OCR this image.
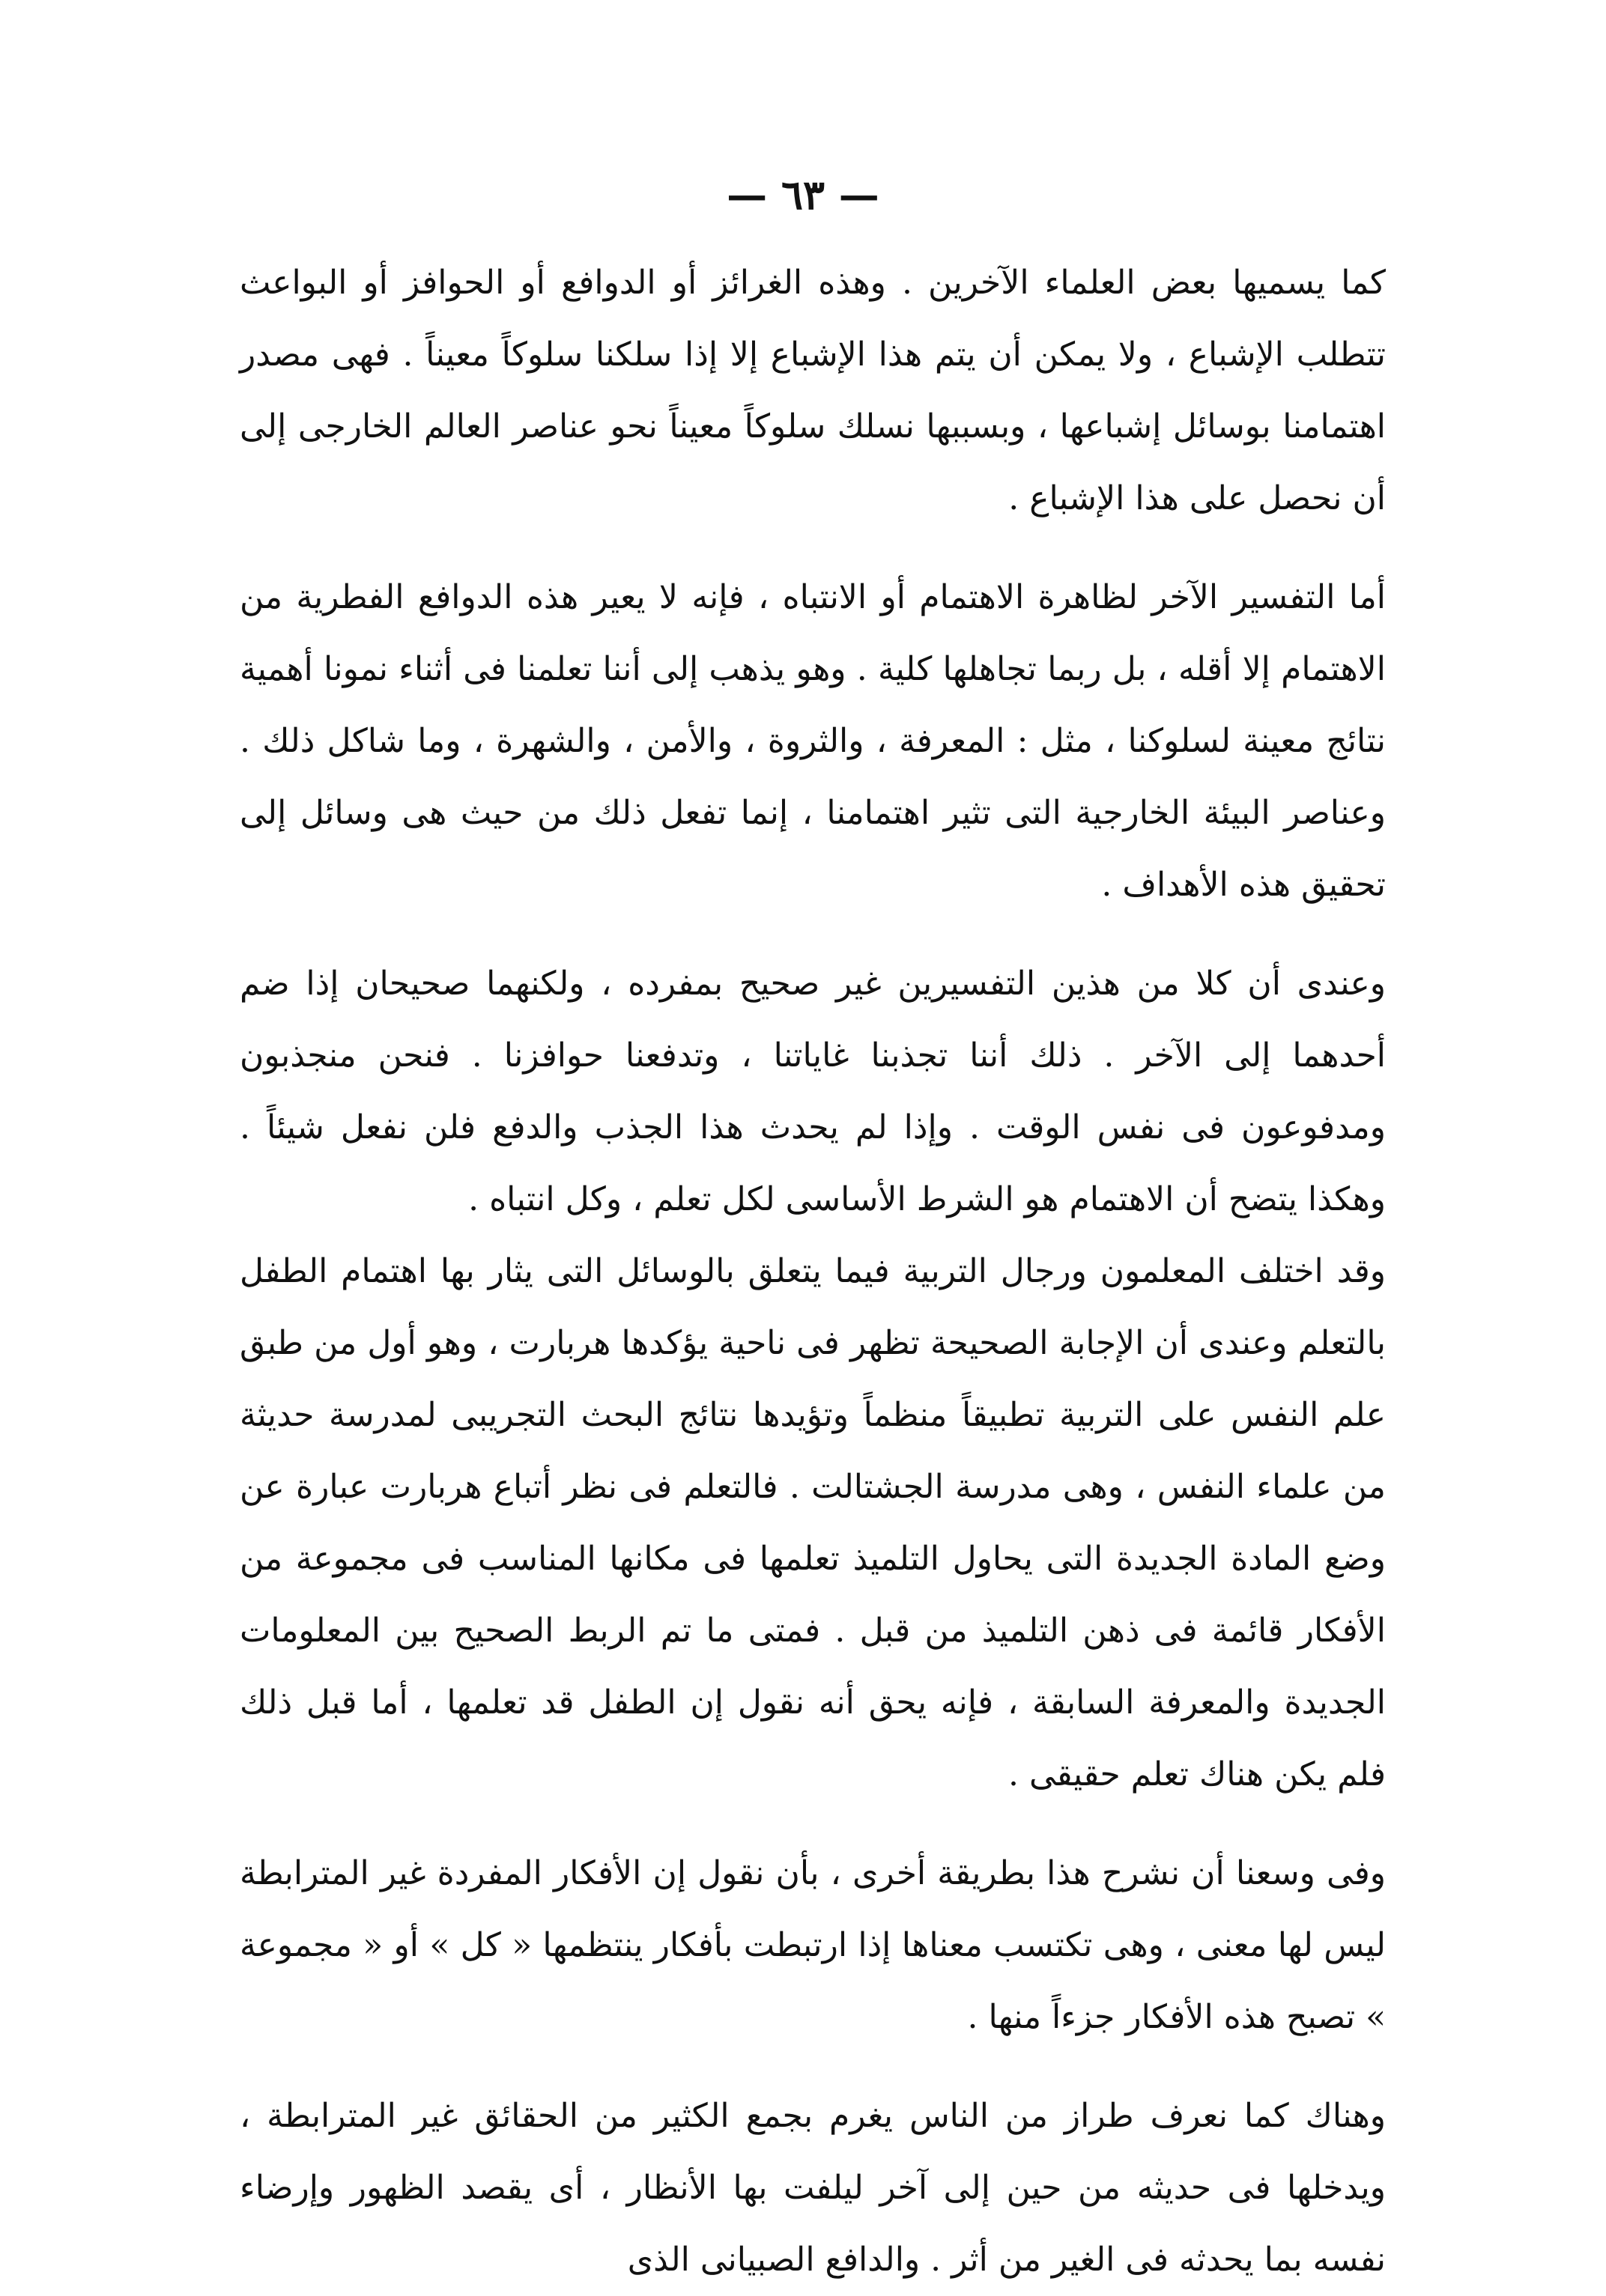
— ٦٣ —

كما يسميها بعض العلماء الآخرين . وهذه الغرائز أو الدوافع أو الحوافز أو البواعث تتطلب الإشباع ، ولا يمكن أن يتم هذا الإشباع إلا إذا سلكنا سلوكاً معيناً . فهى مصدر اهتمامنا بوسائل إشباعها ، وبسببها نسلك سلوكاً معيناً نحو عناصر العالم الخارجى إلى أن نحصل على هذا الإشباع .

أما التفسير الآخر لظاهرة الاهتمام أو الانتباه ، فإنه لا يعير هذه الدوافع الفطرية من الاهتمام إلا أقله ، بل ربما تجاهلها كلية . وهو يذهب إلى أننا تعلمنا فى أثناء نمونا أهمية نتائج معينة لسلوكنا ، مثل : المعرفة ، والثروة ، والأمن ، والشهرة ، وما شاكل ذلك . وعناصر البيئة الخارجية التى تثير اهتمامنا ، إنما تفعل ذلك من حيث هى وسائل إلى تحقيق هذه الأهداف .

وعندى أن كلا من هذين التفسيرين غير صحيح بمفرده ، ولكنهما صحيحان إذا ضم أحدهما إلى الآخر . ذلك أننا تجذبنا غاياتنا ، وتدفعنا حوافزنا . فنحن منجذبون ومدفوعون فى نفس الوقت . وإذا لم يحدث هذا الجذب والدفع فلن نفعل شيئاً . وهكذا يتضح أن الاهتمام هو الشرط الأساسى لكل تعلم ، وكل انتباه .

وقد اختلف المعلمون ورجال التربية فيما يتعلق بالوسائل التى يثار بها اهتمام الطفل بالتعلم وعندى أن الإجابة الصحيحة تظهر فى ناحية يؤكدها هربارت ، وهو أول من طبق علم النفس على التربية تطبيقاً منظماً وتؤيدها نتائج البحث التجريبى لمدرسة حديثة من علماء النفس ، وهى مدرسة الجشتالت . فالتعلم فى نظر أتباع هربارت عبارة عن وضع المادة الجديدة التى يحاول التلميذ تعلمها فى مكانها المناسب فى مجموعة من الأفكار قائمة فى ذهن التلميذ من قبل . فمتى ما تم الربط الصحيح بين المعلومات الجديدة والمعرفة السابقة ، فإنه يحق أنه نقول إن الطفل قد تعلمها ، أما قبل ذلك فلم يكن هناك تعلم حقيقى .

وفى وسعنا أن نشرح هذا بطريقة أخرى ، بأن نقول إن الأفكار المفردة غير المترابطة ليس لها معنى ، وهى تكتسب معناها إذا ارتبطت بأفكار ينتظمها « كل » أو « مجموعة » تصبح هذه الأفكار جزءاً منها .

وهناك كما نعرف طراز من الناس يغرم بجمع الكثير من الحقائق غير المترابطة ، ويدخلها فى حديثه من حين إلى آخر ليلفت بها الأنظار ، أى يقصد الظهور وإرضاء نفسه بما يحدثه فى الغير من أثر . والدافع الصبيانى الذى
